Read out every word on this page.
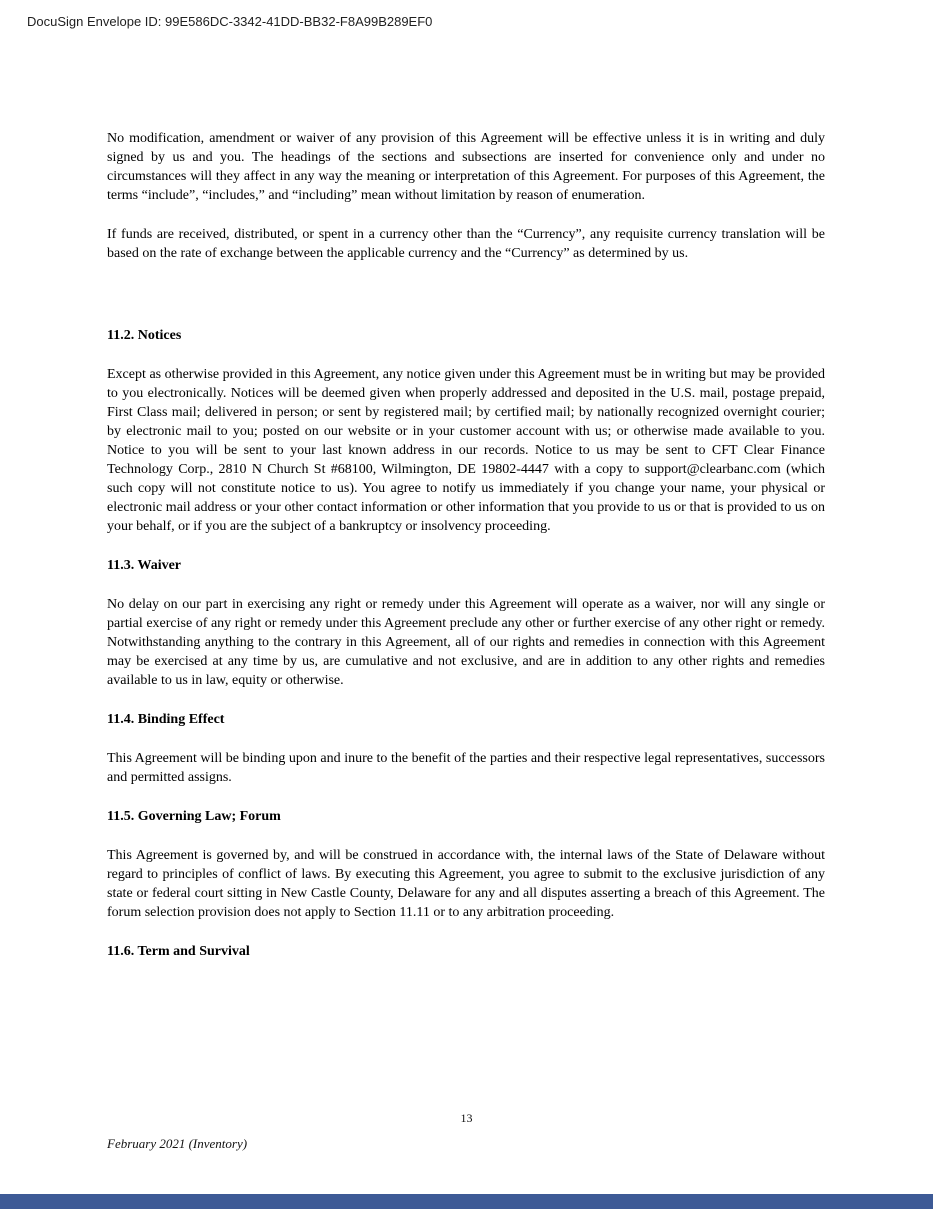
DocuSign Envelope ID: 99E586DC-3342-41DD-BB32-F8A99B289EF0

No modification, amendment or waiver of any provision of this Agreement will be effective unless it is in writing and duly signed by us and you. The headings of the sections and subsections are inserted for convenience only and under no circumstances will they affect in any way the meaning or interpretation of this Agreement. For purposes of this Agreement, the terms “include”, “includes,” and “including” mean without limitation by reason of enumeration.

If funds are received, distributed, or spent in a currency other than the “Currency”, any requisite currency translation will be based on the rate of exchange between the applicable currency and the “Currency” as determined by us.

11.2. Notices

Except as otherwise provided in this Agreement, any notice given under this Agreement must be in writing but may be provided to you electronically. Notices will be deemed given when properly addressed and deposited in the U.S. mail, postage prepaid, First Class mail; delivered in person; or sent by registered mail; by certified mail; by nationally recognized overnight courier; by electronic mail to you; posted on our website or in your customer account with us; or otherwise made available to you. Notice to you will be sent to your last known address in our records. Notice to us may be sent to CFT Clear Finance Technology Corp., 2810 N Church St #68100, Wilmington, DE 19802-4447 with a copy to support@clearbanc.com (which such copy will not constitute notice to us). You agree to notify us immediately if you change your name, your physical or electronic mail address or your other contact information or other information that you provide to us or that is provided to us on your behalf, or if you are the subject of a bankruptcy or insolvency proceeding.

11.3. Waiver

No delay on our part in exercising any right or remedy under this Agreement will operate as a waiver, nor will any single or partial exercise of any right or remedy under this Agreement preclude any other or further exercise of any other right or remedy. Notwithstanding anything to the contrary in this Agreement, all of our rights and remedies in connection with this Agreement may be exercised at any time by us, are cumulative and not exclusive, and are in addition to any other rights and remedies available to us in law, equity or otherwise.

11.4. Binding Effect

This Agreement will be binding upon and inure to the benefit of the parties and their respective legal representatives, successors and permitted assigns.

11.5. Governing Law; Forum

This Agreement is governed by, and will be construed in accordance with, the internal laws of the State of Delaware without regard to principles of conflict of laws. By executing this Agreement, you agree to submit to the exclusive jurisdiction of any state or federal court sitting in New Castle County, Delaware for any and all disputes asserting a breach of this Agreement. The forum selection provision does not apply to Section 11.11 or to any arbitration proceeding.

11.6. Term and Survival
13
February 2021 (Inventory)
